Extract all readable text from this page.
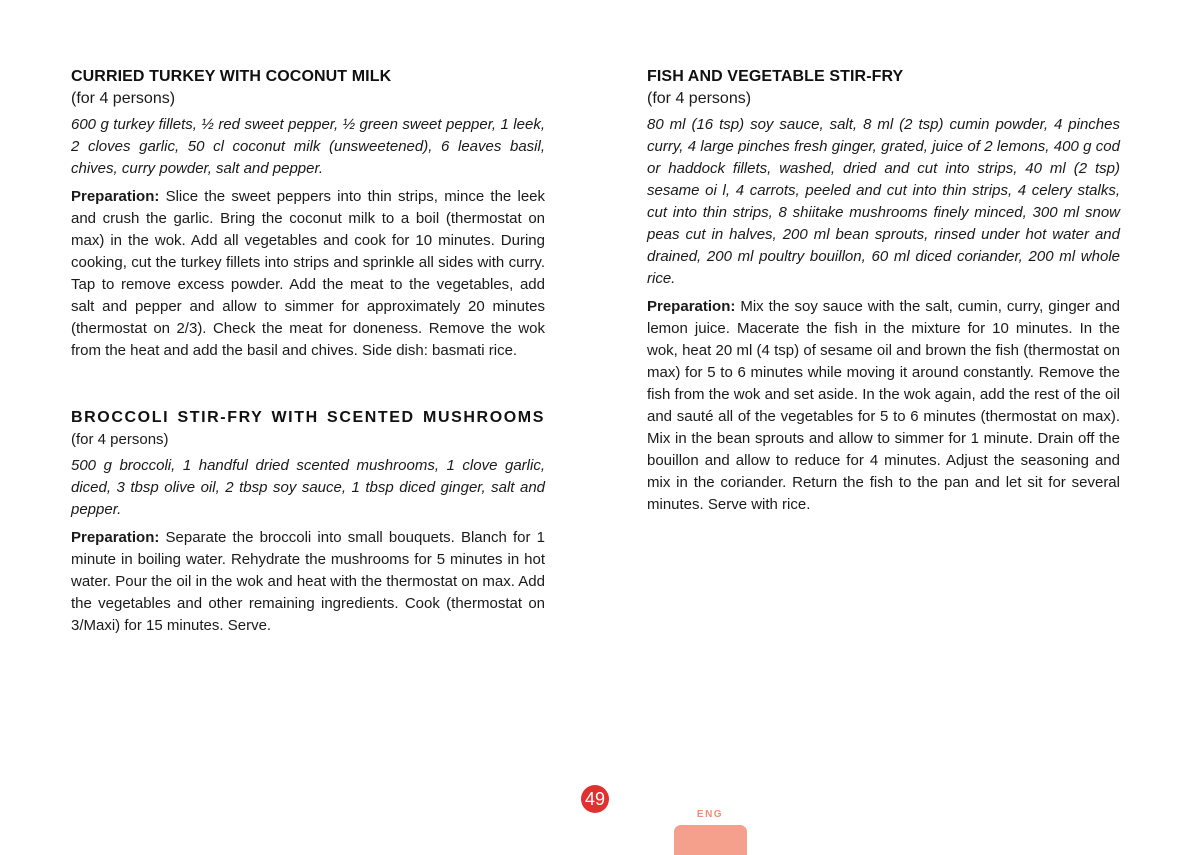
CURRIED TURKEY WITH COCONUT MILK

(for 4 persons)

600 g turkey fillets, ½ red sweet pepper, ½ green sweet pepper, 1 leek, 2 cloves garlic, 50 cl coconut milk (unsweetened), 6 leaves basil, chives, curry powder, salt and pepper.

Preparation: Slice the sweet peppers into thin strips, mince the leek and crush the garlic. Bring the coconut milk to a boil (thermostat on max) in the wok. Add all vegetables and cook for 10 minutes. During cooking, cut the turkey fillets into strips and sprinkle all sides with curry. Tap to remove excess powder. Add the meat to the vegetables, add salt and pepper and allow to simmer for approximately 20 minutes (thermostat on 2/3). Check the meat for doneness. Remove the wok from the heat and add the basil and chives. Side dish: basmati rice.

BROCCOLI STIR-FRY WITH SCENTED MUSHROOMS

(for 4 persons)

500 g broccoli, 1 handful dried scented mushrooms, 1 clove garlic, diced, 3 tbsp olive oil, 2 tbsp soy sauce, 1 tbsp diced ginger, salt and pepper.

Preparation: Separate the broccoli into small bouquets. Blanch for 1 minute in boiling water. Rehydrate the mushrooms for 5 minutes in hot water. Pour the oil in the wok and heat with the thermostat on max. Add the vegetables and other remaining ingredients. Cook (thermostat on 3/Maxi) for 15 minutes. Serve.

FISH AND VEGETABLE STIR-FRY

(for 4 persons)

80 ml (16 tsp) soy sauce, salt, 8 ml (2 tsp) cumin powder, 4 pinches curry, 4 large pinches fresh ginger, grated, juice of 2 lemons, 400 g cod or haddock fillets, washed, dried and cut into strips, 40 ml (2 tsp) sesame oi l, 4 carrots, peeled and cut into thin strips, 4 celery stalks, cut into thin strips, 8 shiitake mushrooms finely minced, 300 ml snow peas cut in halves, 200 ml bean sprouts, rinsed under hot water and drained, 200 ml poultry bouillon, 60 ml diced coriander, 200 ml whole rice.

Preparation: Mix the soy sauce with the salt, cumin, curry, ginger and lemon juice. Macerate the fish in the mixture for 10 minutes. In the wok, heat 20 ml (4 tsp) of sesame oil and brown the fish (thermostat on max) for 5 to 6 minutes while moving it around constantly. Remove the fish from the wok and set aside. In the wok again, add the rest of the oil and sauté all of the vegetables for 5 to 6 minutes (thermostat on max). Mix in the bean sprouts and allow to simmer for 1 minute. Drain off the bouillon and allow to reduce for 4 minutes. Adjust the seasoning and mix in the coriander. Return the fish to the pan and let sit for several minutes. Serve with rice.

49
ENG
